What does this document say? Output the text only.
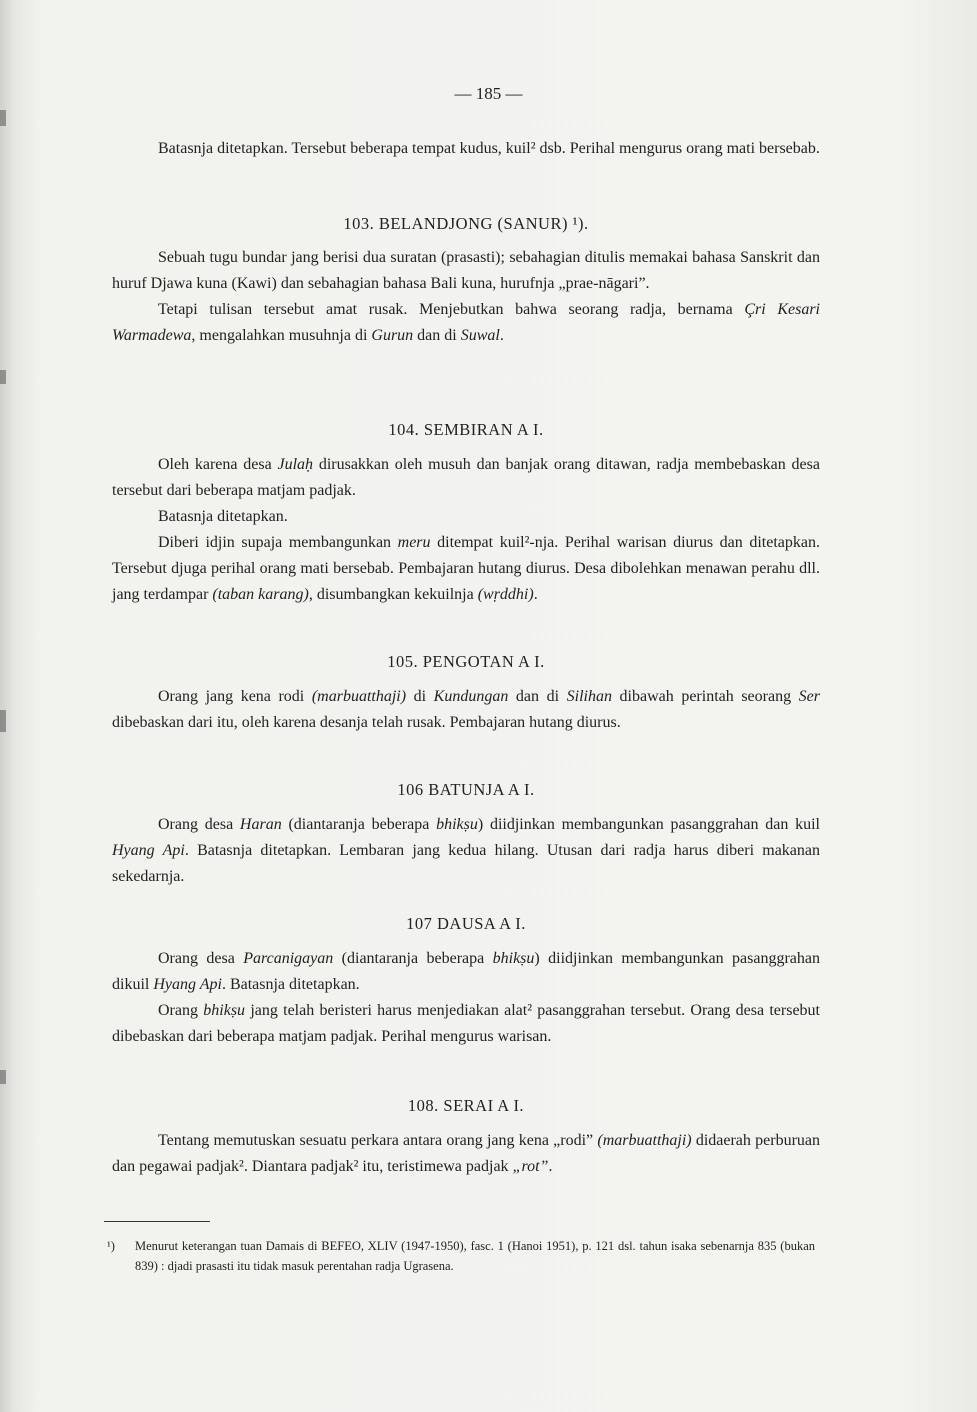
— 185 —

Batasnja ditetapkan. Tersebut beberapa tempat kudus, kuil² dsb. Perihal mengurus orang mati bersebab.

103. BELANDJONG (SANUR) ¹).

Sebuah tugu bundar jang berisi dua suratan (prasasti); sebahagian ditulis memakai bahasa Sanskrit dan huruf Djawa kuna (Kawi) dan sebahagian bahasa Bali kuna, hurufnja „prae-nāgari”.

Tetapi tulisan tersebut amat rusak. Menjebutkan bahwa seorang radja, bernama Çri Kesari Warmadewa, mengalahkan musuhnja di Gurun dan di Suwal.

104. SEMBIRAN A I.

Oleh karena desa Julaḥ dirusakkan oleh musuh dan banjak orang ditawan, radja membebaskan desa tersebut dari beberapa matjam padjak.

Batasnja ditetapkan.

Diberi idjin supaja membangunkan meru ditempat kuil²-nja. Perihal warisan diurus dan ditetapkan. Tersebut djuga perihal orang mati bersebab. Pembajaran hutang diurus. Desa dibolehkan menawan perahu dll. jang terdampar (taban karang), disumbangkan kekuilnja (wṛddhi).

105. PENGOTAN A I.

Orang jang kena rodi (marbuatthaji) di Kundungan dan di Silihan dibawah perintah seorang Ser dibebaskan dari itu, oleh karena desanja telah rusak. Pembajaran hutang diurus.

106 BATUNJA A I.

Orang desa Haran (diantaranja beberapa bhikṣu) diidjinkan membangunkan pasanggrahan dan kuil Hyang Api. Batasnja ditetapkan. Lembaran jang kedua hilang. Utusan dari radja harus diberi makanan sekedarnja.

107 DAUSA A I.

Orang desa Parcanigayan (diantaranja beberapa bhikṣu) diidjinkan membangunkan pasanggrahan dikuil Hyang Api. Batasnja ditetapkan.

Orang bhikṣu jang telah beristeri harus menjediakan alat² pasanggrahan tersebut. Orang desa tersebut dibebaskan dari beberapa matjam padjak. Perihal mengurus warisan.

108. SERAI A I.

Tentang memutuskan sesuatu perkara antara orang jang kena „rodi” (marbuatthaji) didaerah perburuan dan pegawai padjak². Diantara padjak² itu, teristimewa padjak „rot”.

¹)	Menurut keterangan tuan Damais di BEFEO, XLIV (1947-1950), fasc. 1 (Hanoi 1951), p. 121 dsl. tahun isaka sebenarnja 835 (bukan 839) : djadi prasasti itu tidak masuk perentahan radja Ugrasena.
